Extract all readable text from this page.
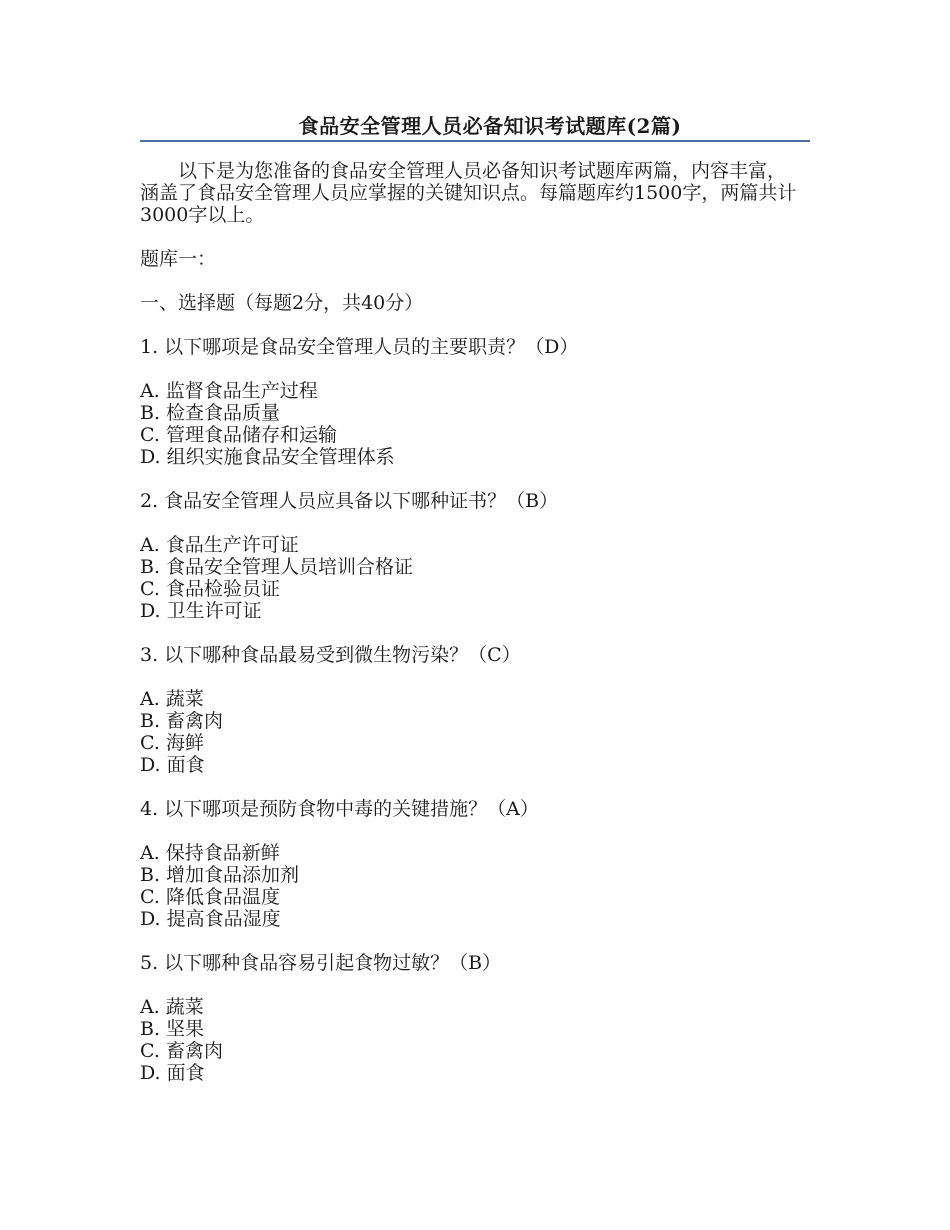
食品安全管理人员必备知识考试题库(2篇)

以下是为您准备的食品安全管理人员必备知识考试题库两篇，内容丰富，涵盖了食品安全管理人员应掌握的关键知识点。每篇题库约1500字，两篇共计3000字以上。

题库一：
一、选择题（每题2分，共40分）
1. 以下哪项是食品安全管理人员的主要职责？（D）
A. 监督食品生产过程
B. 检查食品质量
C. 管理食品储存和运输
D. 组织实施食品安全管理体系
2. 食品安全管理人员应具备以下哪种证书？（B）
A. 食品生产许可证
B. 食品安全管理人员培训合格证
C. 食品检验员证
D. 卫生许可证
3. 以下哪种食品最易受到微生物污染？（C）
A. 蔬菜
B. 畜禽肉
C. 海鲜
D. 面食
4. 以下哪项是预防食物中毒的关键措施？（A）
A. 保持食品新鲜
B. 增加食品添加剂
C. 降低食品温度
D. 提高食品湿度
5. 以下哪种食品容易引起食物过敏？（B）
A. 蔬菜
B. 坚果
C. 畜禽肉
D. 面食
